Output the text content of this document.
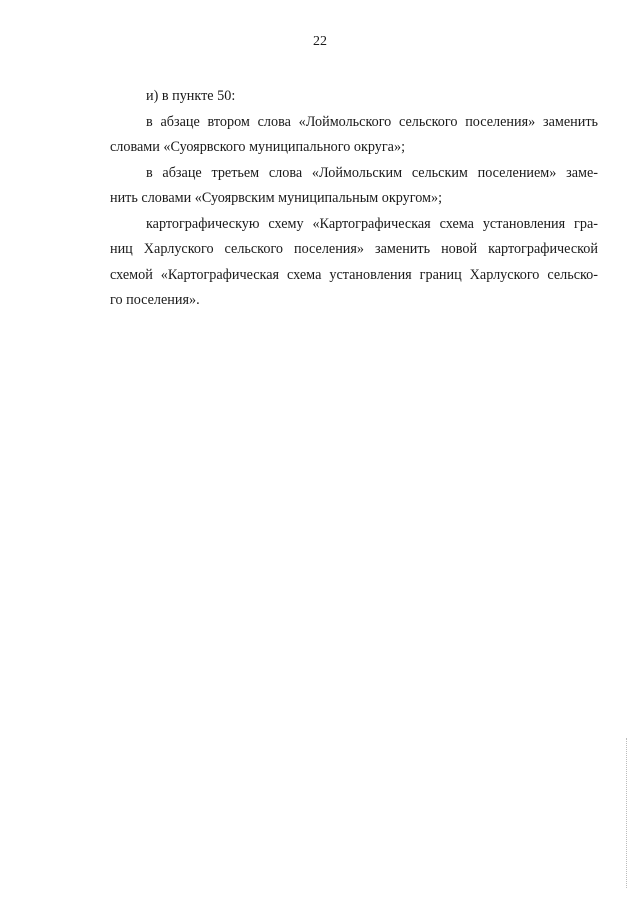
22
и) в пункте 50:
в абзаце втором слова «Лоймольского сельского поселения» заменить
словами «Суоярвского муниципального округа»;
в абзаце третьем слова «Лоймольским сельским поселением» заме-
нить словами «Суоярвским муниципальным округом»;
картографическую схему «Картографическая схема установления гра-
ниц Харлуского сельского поселения» заменить новой картографической
схемой «Картографическая схема установления границ Харлуского сельско-
го поселения».
